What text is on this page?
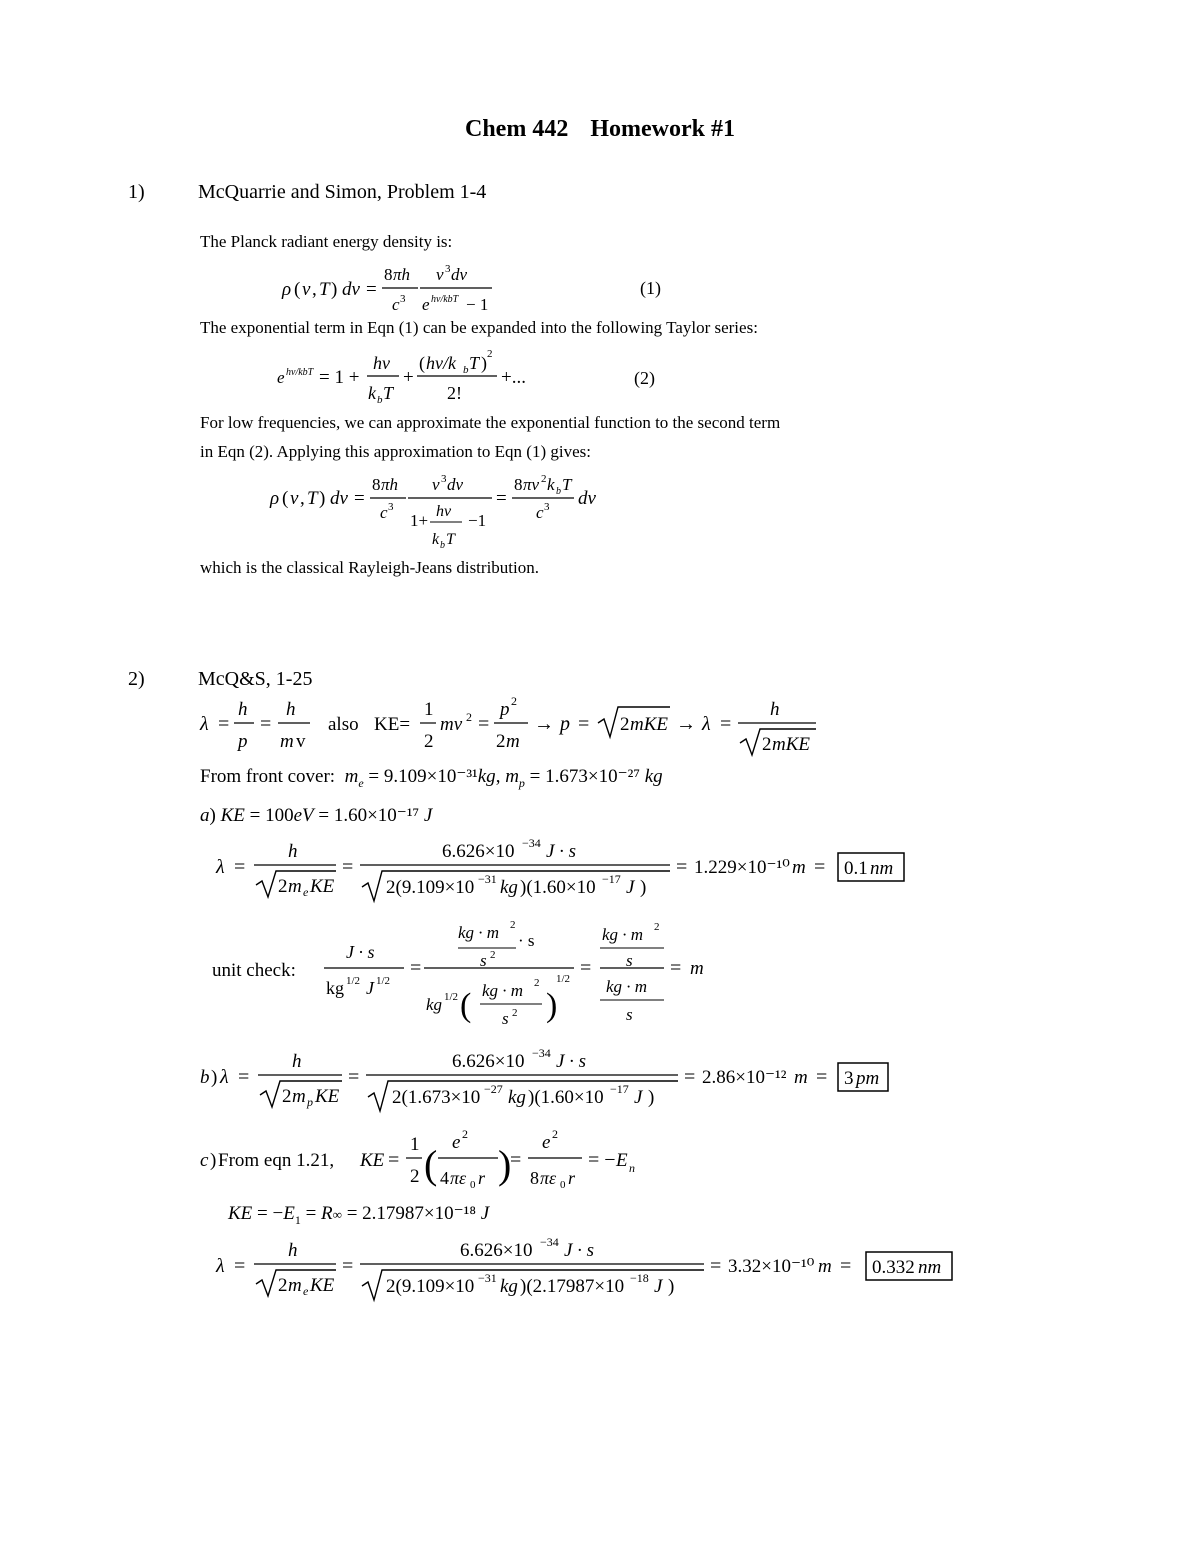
Chem 442 Homework #1
1)	McQuarrie and Simon, Problem 1-4
The Planck radiant energy density is:
ρ ( ν , T ) dν =
8 πh
c 3
ν 3 dν
e hν/kbT − 1
(1)
The exponential term in Eqn (1) can be expanded into the following Taylor series:
e hν/kbT = 1 +
hν
k b T
+
( hν/k b T ) 2
2!
+...	(2)
For low frequencies, we can approximate the exponential function to the second term
in Eqn (2). Applying this approximation to Eqn (1) gives:
ρ ( ν , T ) dν =
8 πh
c 3
ν 3 dν
1+ hν
k b T
−1
=
8 πν 2 k b T
c 3 dν
which is the classical Rayleigh-Jeans distribution.
2)	McQ&S, 1-25
λ =
h
p
=
h
m v
also KE=
1
2
mv 2 =
p 2
2 m
→ p = 2 mKE → λ =
h
2 mKE
From front cover: $m_e = 9.109\times 10^{-31}kg$, $m_p = 1.673\times 10^{-27}$ kg
a) KE = 100eV = 1.60×10⁻¹⁷ J
λ =
h
2 m e KE
=
6.626×10 −34 J · s
2(9.109×10 −31 kg )(1.60×10 −17 J )
= 1.229×10⁻¹⁰ m = 0.1 nm
unit check:
J · s
kg 1/2 J 1/2
=
kg · m 2
· s
s 2
kg 1/2 ( kg · m 2
s 2 )
1/2 =
kg · m 2
s
kg · m
s
= m
b ) λ =
h
2 m p KE
=
6.626×10 −34 J · s
2(1.673×10 −27 kg )(1.60×10 −17 J )
= 2.86×10⁻¹² m = 3 pm
c ) From eqn 1.21, KE =
1
2 ( e 2
4 πε 0 r )
=
e 2
8 πε 0 r
= − E n
KE = $-E_1 = R\infty = 2.17987\times 10^{-18}$ J
λ =
h
2 m e KE
=
6.626×10 −34 J · s
2(9.109×10 −31 kg )(2.17987×10 −18 J )
= 3.32×10⁻¹⁰ m = 0.332 nm
